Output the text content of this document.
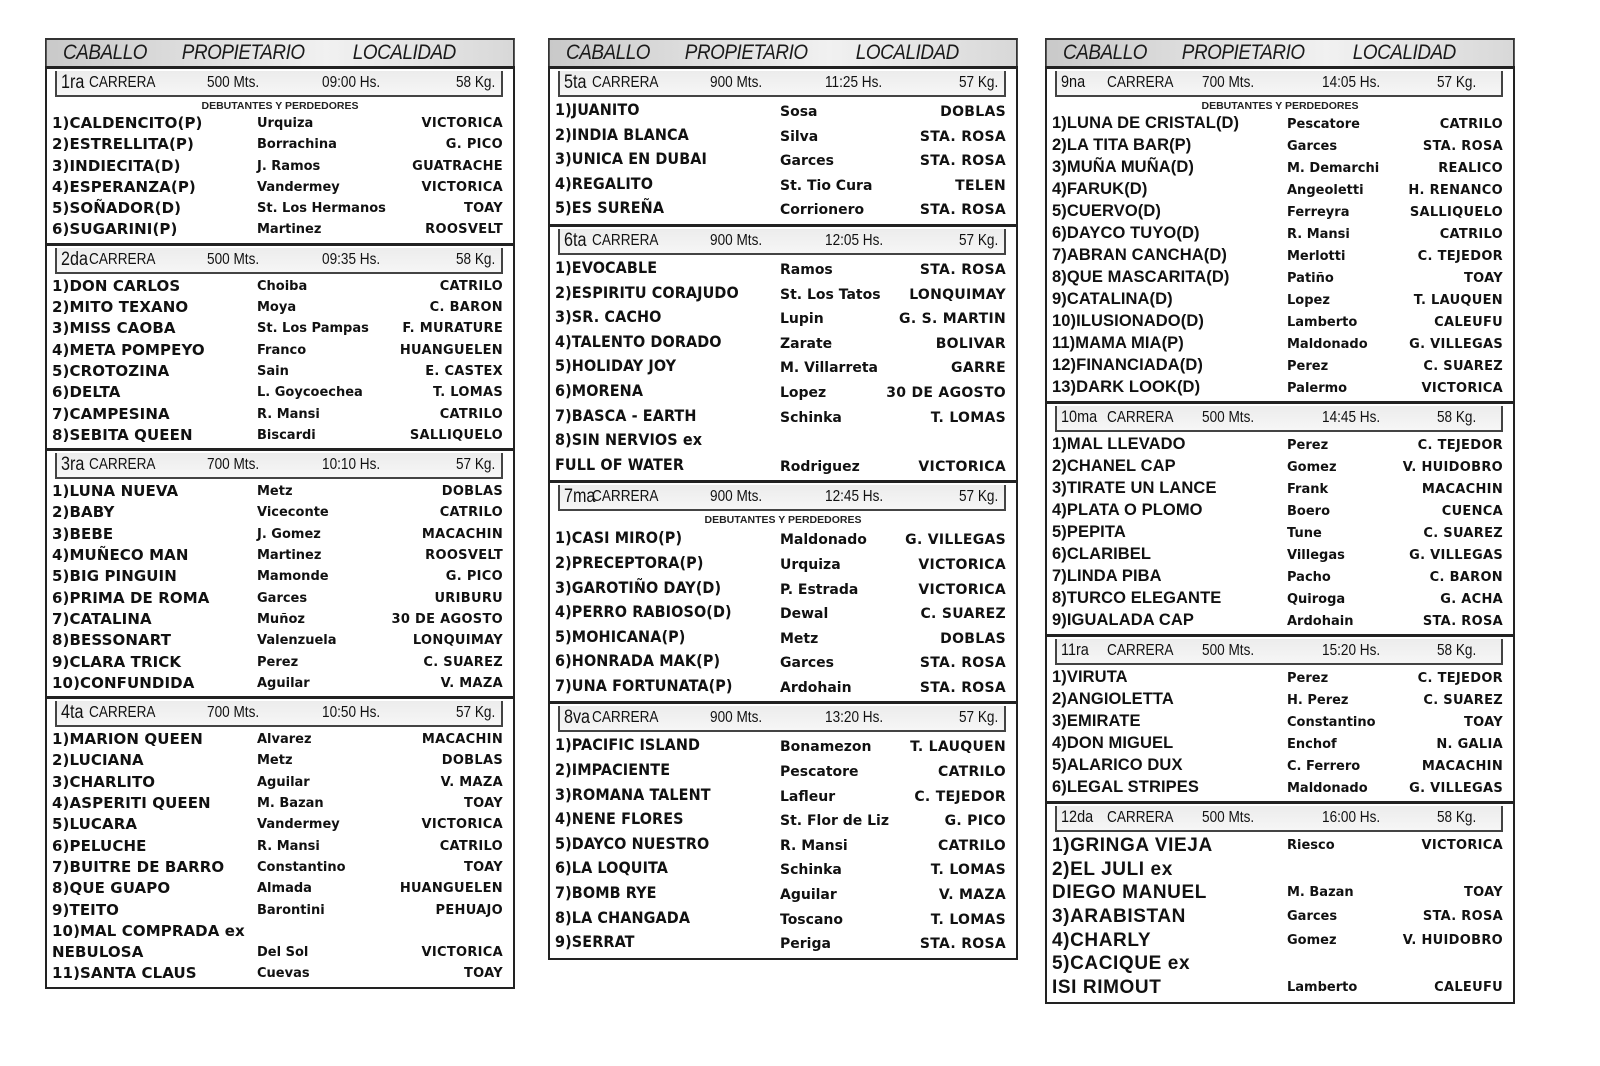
CABALLO PROPIETARIO LOCALIDAD
1ra CARRERA	500 Mts.	09:00 Hs.	58 Kg.
DEBUTANTES Y PERDEDORES
1)CALDENCITO(P)	Urquiza	VICTORICA
2)ESTRELLITA(P)	Borrachina	G. PICO
3)INDIECITA(D)	J. Ramos	GUATRACHE
4)ESPERANZA(P)	Vandermey	VICTORICA
5)SOÑADOR(D)	St. Los Hermanos	TOAY
6)SUGARINI(P)	Martinez	ROOSVELT
2da CARRERA	500 Mts.	09:35 Hs.	58 Kg.
1)DON CARLOS	Choiba	CATRILO
2)MITO TEXANO	Moya	C. BARON
3)MISS CAOBA	St. Los Pampas	F. MURATURE
4)META POMPEYO	Franco	HUANGUELEN
5)CROTOZINA	Sain	E. CASTEX
6)DELTA	L. Goycoechea	T. LOMAS
7)CAMPESINA	R. Mansi	CATRILO
8)SEBITA QUEEN	Biscardi	SALLIQUELO
3ra CARRERA	700 Mts.	10:10 Hs.	57 Kg.
1)LUNA NUEVA	Metz	DOBLAS
2)BABY	Viceconte	CATRILO
3)BEBE	J. Gomez	MACACHIN
4)MUÑECO MAN	Martinez	ROOSVELT
5)BIG PINGUIN	Mamonde	G. PICO
6)PRIMA DE ROMA	Garces	URIBURU
7)CATALINA	Muñoz	30 DE AGOSTO
8)BESSONART	Valenzuela	LONQUIMAY
9)CLARA TRICK	Perez	C. SUAREZ
10)CONFUNDIDA	Aguilar	V. MAZA
4ta CARRERA	700 Mts.	10:50 Hs.	57 Kg.
1)MARION QUEEN	Alvarez	MACACHIN
2)LUCIANA	Metz	DOBLAS
3)CHARLITO	Aguilar	V. MAZA
4)ASPERITI QUEEN	M. Bazan	TOAY
5)LUCARA	Vandermey	VICTORICA
6)PELUCHE	R. Mansi	CATRILO
7)BUITRE DE BARRO	Constantino	TOAY
8)QUE GUAPO	Almada	HUANGUELEN
9)TEITO	Barontini	PEHUAJO
10)MAL COMPRADA ex
NEBULOSA	Del Sol	VICTORICA
11)SANTA CLAUS	Cuevas	TOAY
CABALLO PROPIETARIO LOCALIDAD
5ta CARRERA	900 Mts.	11:25 Hs.	57 Kg.
1)JUANITO	Sosa	DOBLAS
2)INDIA BLANCA	Silva	STA. ROSA
3)UNICA EN DUBAI	Garces	STA. ROSA
4)REGALITO	St. Tio Cura	TELEN
5)ES SUREÑA	Corrionero	STA. ROSA
6ta CARRERA	900 Mts.	12:05 Hs.	57 Kg.
1)EVOCABLE	Ramos	STA. ROSA
2)ESPIRITU CORAJUDO	St. Los Tatos LONQUIMAY
3)SR. CACHO	Lupin	G. S. MARTIN
4)TALENTO DORADO	Zarate	BOLIVAR
5)HOLIDAY JOY	M. Villarreta	GARRE
6)MORENA	Lopez	30 DE AGOSTO
7)BASCA - EARTH	Schinka	T. LOMAS
8)SIN NERVIOS ex
FULL OF WATER	Rodriguez	VICTORICA
7ma
CARRERA	900 Mts.	12:45 Hs.	57 Kg.
DEBUTANTES Y PERDEDORES
1)CASI MIRO(P)	Maldonado	G. VILLEGAS
2)PRECEPTORA(P)	Urquiza	VICTORICA
3)GAROTIÑO DAY(D)	P. Estrada	VICTORICA
4)PERRO RABIOSO(D)	Dewal	C. SUAREZ
5)MOHICANA(P)	Metz	DOBLAS
6)HONRADA MAK(P)	Garces	STA. ROSA
7)UNA FORTUNATA(P)	Ardohain	STA. ROSA
8va CARRERA	900 Mts.	13:20 Hs.	57 Kg.
1)PACIFIC ISLAND	Bonamezon	T. LAUQUEN
2)IMPACIENTE	Pescatore	CATRILO
3)ROMANA TALENT	Lafleur	C. TEJEDOR
4)NENE FLORES	St. Flor de Liz	G. PICO
5)DAYCO NUESTRO	R. Mansi	CATRILO
6)LA LOQUITA	Schinka	T. LOMAS
7)BOMB RYE	Aguilar	V. MAZA
8)LA CHANGADA	Toscano	T. LOMAS
9)SERRAT	Periga	STA. ROSA
CABALLO PROPIETARIO LOCALIDAD
9na CARRERA 700 Mts.	14:05 Hs.	57 Kg.
DEBUTANTES Y PERDEDORES
1)LUNA DE CRISTAL(D)	Pescatore	CATRILO
2)LA TITA BAR(P)	Garces	STA. ROSA
3)MUÑA MUÑA(D)	M. Demarchi	REALICO
4)FARUK(D)	Angeoletti	H. RENANCO
5)CUERVO(D)	Ferreyra	SALLIQUELO
6)DAYCO TUYO(D)	R. Mansi	CATRILO
7)ABRAN CANCHA(D)	Merlotti	C. TEJEDOR
8)QUE MASCARITA(D)	Patiño	TOAY
9)CATALINA(D)	Lopez	T. LAUQUEN
10)ILUSIONADO(D)	Lamberto	CALEUFU
11)MAMA MIA(P)	Maldonado	G. VILLEGAS
12)FINANCIADA(D)	Perez	C. SUAREZ
13)DARK LOOK(D)	Palermo	VICTORICA
10ma CARRERA 500 Mts.	14:45 Hs.	58 Kg.
1)MAL LLEVADO	Perez	C. TEJEDOR
2)CHANEL CAP	Gomez	V. HUIDOBRO
3)TIRATE UN LANCE	Frank	MACACHIN
4)PLATA O PLOMO	Boero	CUENCA
5)PEPITA	Tune	C. SUAREZ
6)CLARIBEL	Villegas	G. VILLEGAS
7)LINDA PIBA	Pacho	C. BARON
8)TURCO ELEGANTE	Quiroga	G. ACHA
9)IGUALADA CAP	Ardohain	STA. ROSA
11ra CARRERA 500 Mts.	15:20 Hs.	58 Kg.
1)VIRUTA	Perez	C. TEJEDOR
2)ANGIOLETTA	H. Perez	C. SUAREZ
3)EMIRATE	Constantino	TOAY
4)DON MIGUEL	Enchof	N. GALIA
5)ALARICO DUX	C. Ferrero	MACACHIN
6)LEGAL STRIPES	Maldonado	G. VILLEGAS
12da CARRERA 500 Mts.	16:00 Hs.	58 Kg.
1)GRINGA VIEJA	Riesco	VICTORICA
2)EL JULI ex
DIEGO MANUEL	M. Bazan	TOAY
3)ARABISTAN	Garces	STA. ROSA
4)CHARLY	Gomez	V. HUIDOBRO
5)CACIQUE ex
ISI RIMOUT	Lamberto	CALEUFU
